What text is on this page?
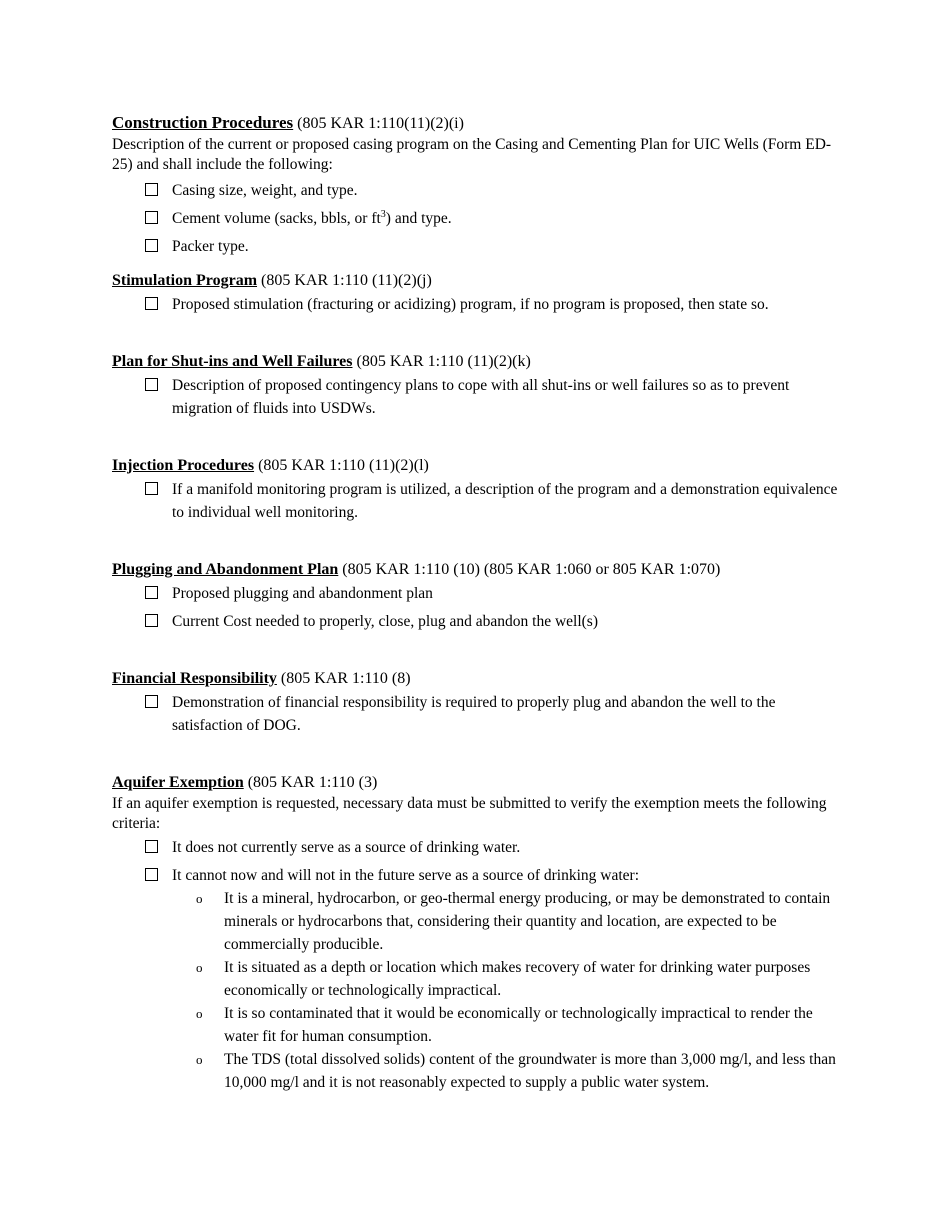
Construction Procedures (805 KAR 1:110(11)(2)(i)

Description of the current or proposed casing program on the Casing and Cementing Plan for UIC Wells (Form ED-25) and shall include the following:

Casing size, weight, and type.
Cement volume (sacks, bbls, or $ft^3$) and type.
Packer type.
Stimulation Program (805 KAR 1:110 (11)(2)(j)
Proposed stimulation (fracturing or acidizing) program, if no program is proposed, then state so.
Plan for Shut-ins and Well Failures (805 KAR 1:110 (11)(2)(k)
Description of proposed contingency plans to cope with all shut-ins or well failures so as to prevent migration of fluids into USDWs.
Injection Procedures (805 KAR 1:110 (11)(2)(l)
If a manifold monitoring program is utilized, a description of the program and a demonstration equivalence to individual well monitoring.
Plugging and Abandonment Plan (805 KAR 1:110 (10) (805 KAR 1:060 or 805 KAR 1:070)
Proposed plugging and abandonment plan
Current Cost needed to properly, close, plug and abandon the well(s)
Financial Responsibility (805 KAR 1:110 (8)
Demonstration of financial responsibility is required to properly plug and abandon the well to the satisfaction of DOG.
Aquifer Exemption (805 KAR 1:110 (3)

If an aquifer exemption is requested, necessary data must be submitted to verify the exemption meets the following criteria:

It does not currently serve as a source of drinking water.
It cannot now and will not in the future serve as a source of drinking water:
o It is a mineral, hydrocarbon, or geo-thermal energy producing, or may be demonstrated to contain minerals or hydrocarbons that, considering their quantity and location, are expected to be commercially producible.
o It is situated as a depth or location which makes recovery of water for drinking water purposes economically or technologically impractical.
o It is so contaminated that it would be economically or technologically impractical to render the water fit for human consumption.
o The TDS (total dissolved solids) content of the groundwater is more than 3,000 mg/l, and less than 10,000 mg/l and it is not reasonably expected to supply a public water system.
